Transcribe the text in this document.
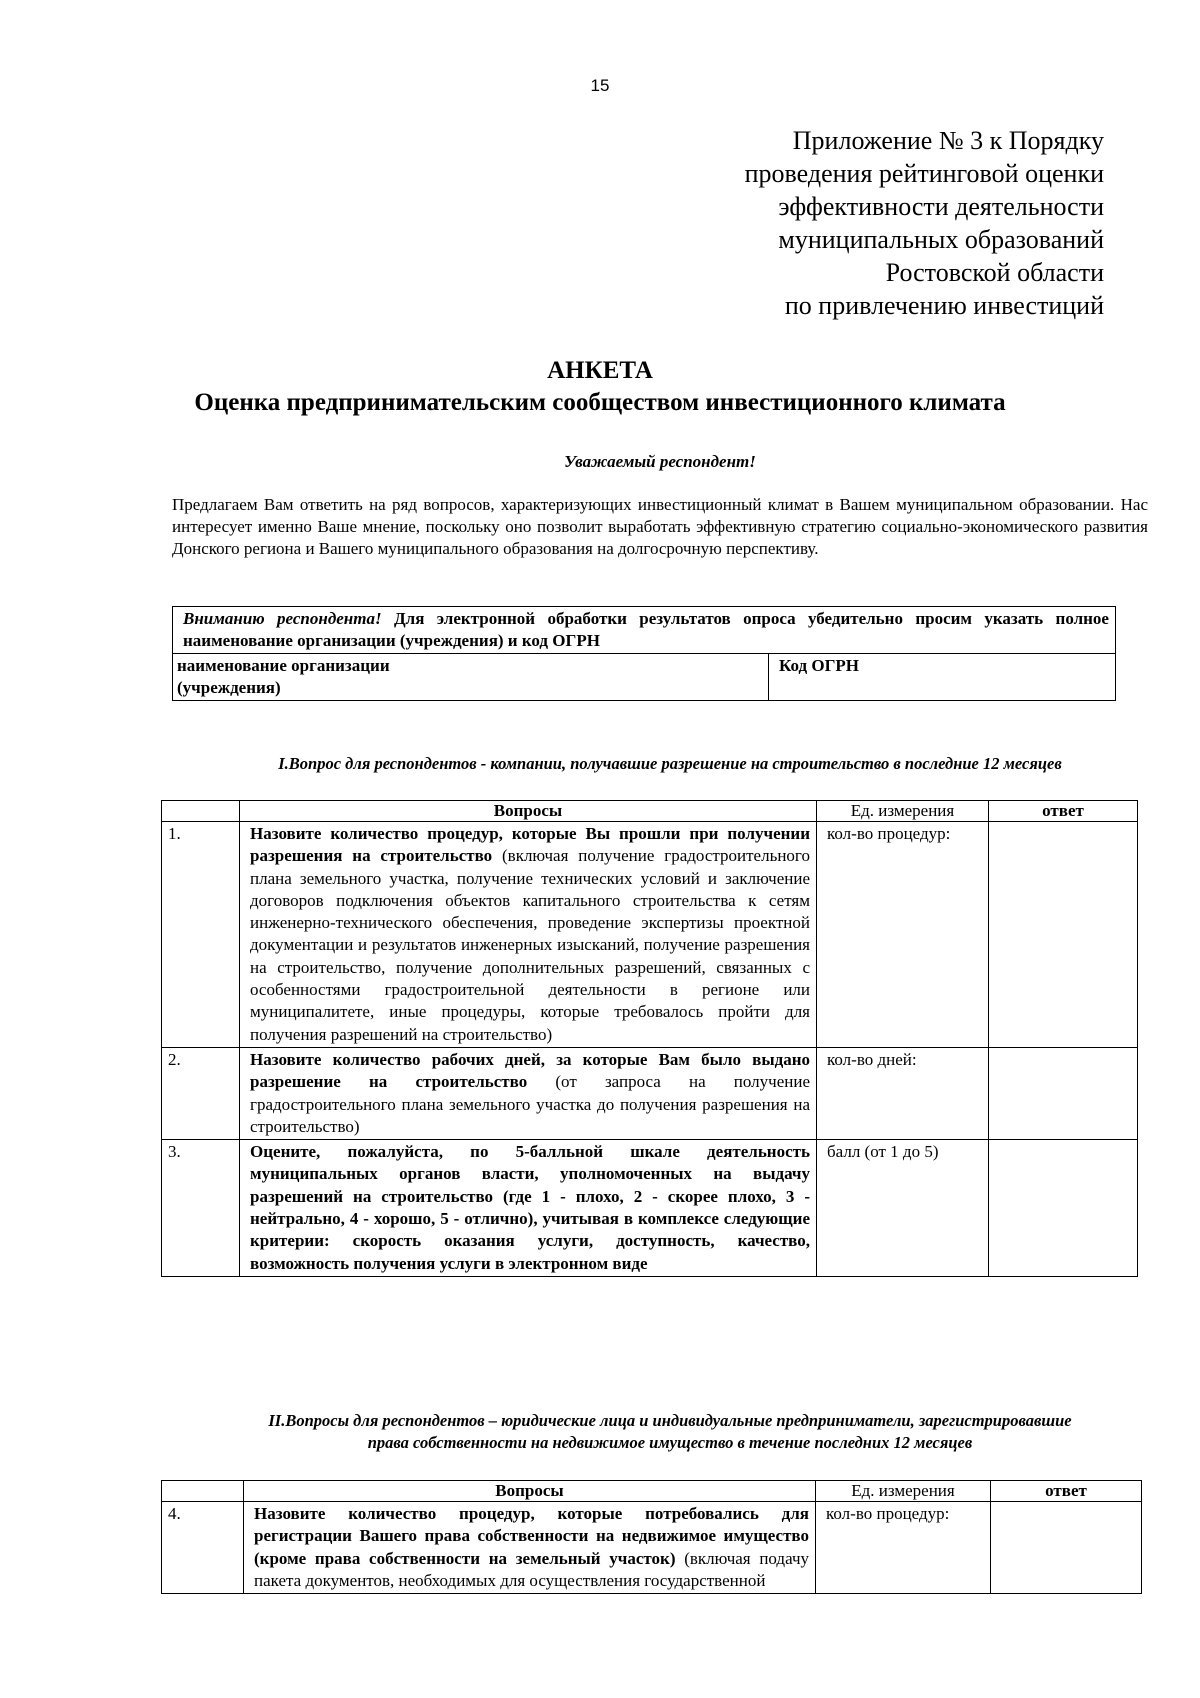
15
Приложение № 3 к Порядку
проведения рейтинговой оценки
эффективности деятельности
муниципальных образований
Ростовской области
по привлечению инвестиций
АНКЕТА
Оценка предпринимательским сообществом инвестиционного климата
Уважаемый респондент!
Предлагаем Вам ответить на ряд вопросов, характеризующих инвестиционный климат в Вашем муниципальном образовании. Нас интересует именно Ваше мнение, поскольку оно позволит выработать эффективную стратегию социально-экономического развития Донского региона и Вашего муниципального образования на долгосрочную перспективу.
Вниманию респондента! Для электронной обработки результатов опроса убедительно просим указать полное наименование организации (учреждения) и код ОГРН

наименование организации
(учреждения)
	Код ОГРН
I.Вопрос для респондентов - компании, получавшие разрешение на строительство в последние 12 месяцев
	Вопросы	Ед. измерения	ответ
1.	Назовите количество процедур, которые Вы прошли при получении разрешения на строительство (включая получение градостроительного плана земельного участка, получение технических условий и заключение договоров подключения объектов капитального строительства к сетям инженерно-технического обеспечения, проведение экспертизы проектной документации и результатов инженерных изысканий, получение разрешения на строительство, получение дополнительных разрешений, связанных с особенностями градостроительной деятельности в регионе или муниципалитете, иные процедуры, которые требовалось пройти для получения разрешений на строительство)	кол-во процедур:	
2.	Назовите количество рабочих дней, за которые Вам было выдано разрешение на строительство (от запроса на получение градостроительного плана земельного участка до получения разрешения на строительство)	кол-во дней:	
3.	Оцените, пожалуйста, по 5-балльной шкале деятельность муниципальных органов власти, уполномоченных на выдачу разрешений на строительство (где 1 - плохо, 2 - скорее плохо, 3 - нейтрально, 4 - хорошо, 5 - отлично), учитывая в комплексе следующие критерии: скорость оказания услуги, доступность, качество, возможность получения услуги в электронном виде	балл (от 1 до 5)	
II.Вопросы для респондентов – юридические лица и индивидуальные предприниматели, зарегистрировавшие
права собственности на недвижимое имущество в течение последних 12 месяцев
	Вопросы	Ед. измерения	ответ
4.	Назовите количество процедур, которые потребовались для регистрации Вашего права собственности на недвижимое имущество (кроме права собственности на земельный участок) (включая подачу пакета документов, необходимых для осуществления государственной	кол-во процедур:	
